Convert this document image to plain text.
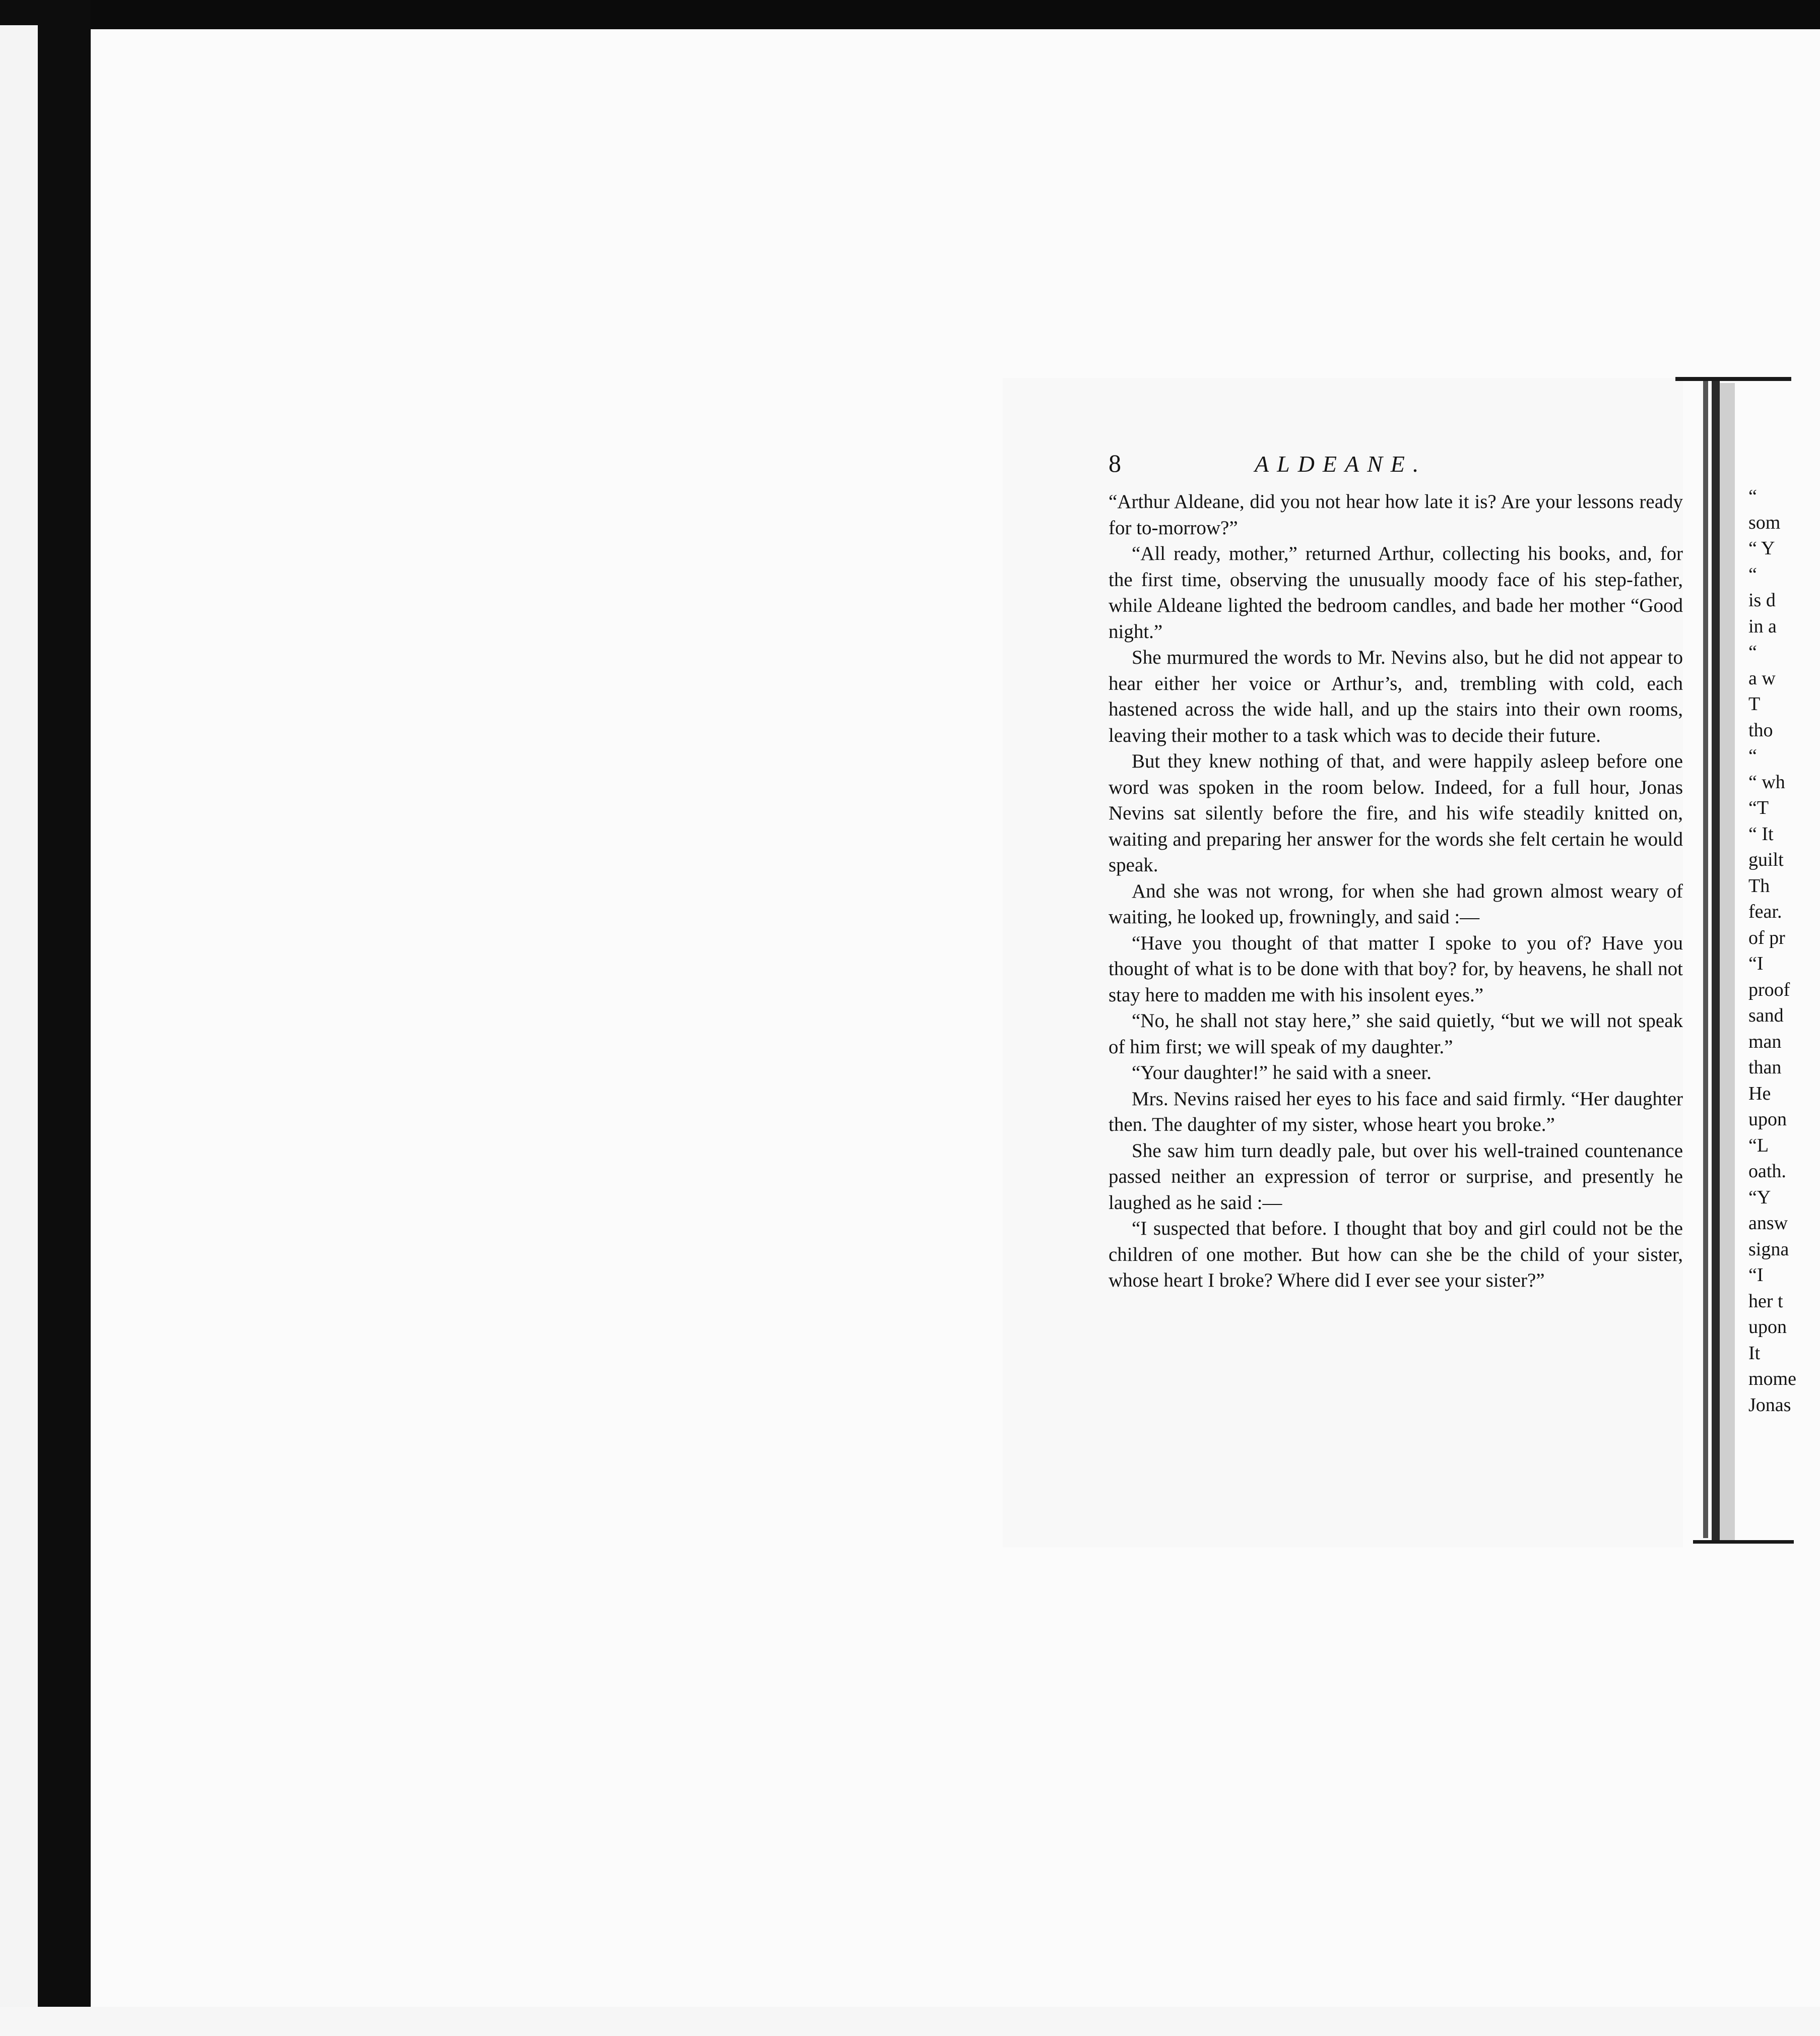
8	ALDEANE.

“Arthur Aldeane, did you not hear how late it is? Are your lessons ready for to-morrow?”

“All ready, mother,” returned Arthur, collecting his books, and, for the first time, observing the unusually moody face of his step-father, while Aldeane lighted the bedroom candles, and bade her mother “Good night.”

She murmured the words to Mr. Nevins also, but he did not appear to hear either her voice or Arthur’s, and, trembling with cold, each hastened across the wide hall, and up the stairs into their own rooms, leaving their mother to a task which was to decide their future.

But they knew nothing of that, and were happily asleep before one word was spoken in the room below. Indeed, for a full hour, Jonas Nevins sat silently before the fire, and his wife steadily knitted on, waiting and preparing her answer for the words she felt certain he would speak.

And she was not wrong, for when she had grown almost weary of waiting, he looked up, frowningly, and said :—

“Have you thought of that matter I spoke to you of? Have you thought of what is to be done with that boy? for, by heavens, he shall not stay here to madden me with his insolent eyes.”

“No, he shall not stay here,” she said quietly, “but we will not speak of him first; we will speak of my daughter.”

“Your daughter!” he said with a sneer.

Mrs. Nevins raised her eyes to his face and said firmly. “Her daughter then. The daughter of my sister, whose heart you broke.”

She saw him turn deadly pale, but over his well-trained countenance passed neither an expression of terror or surprise, and presently he laughed as he said :—

“I suspected that before. I thought that boy and girl could not be the children of one mother. But how can she be the child of your sister, whose heart I broke? Where did I ever see your sister?”

“
som
“ Y
“
is d
in a
“
a w
T
tho
“
“ wh
“T
“ It
guilt
Th
fear.
of pr
“I
proof
sand
man
than
He
upon
“L
oath.
“Y
answ
signa
“I
her t
upon
It
mome
Jonas
